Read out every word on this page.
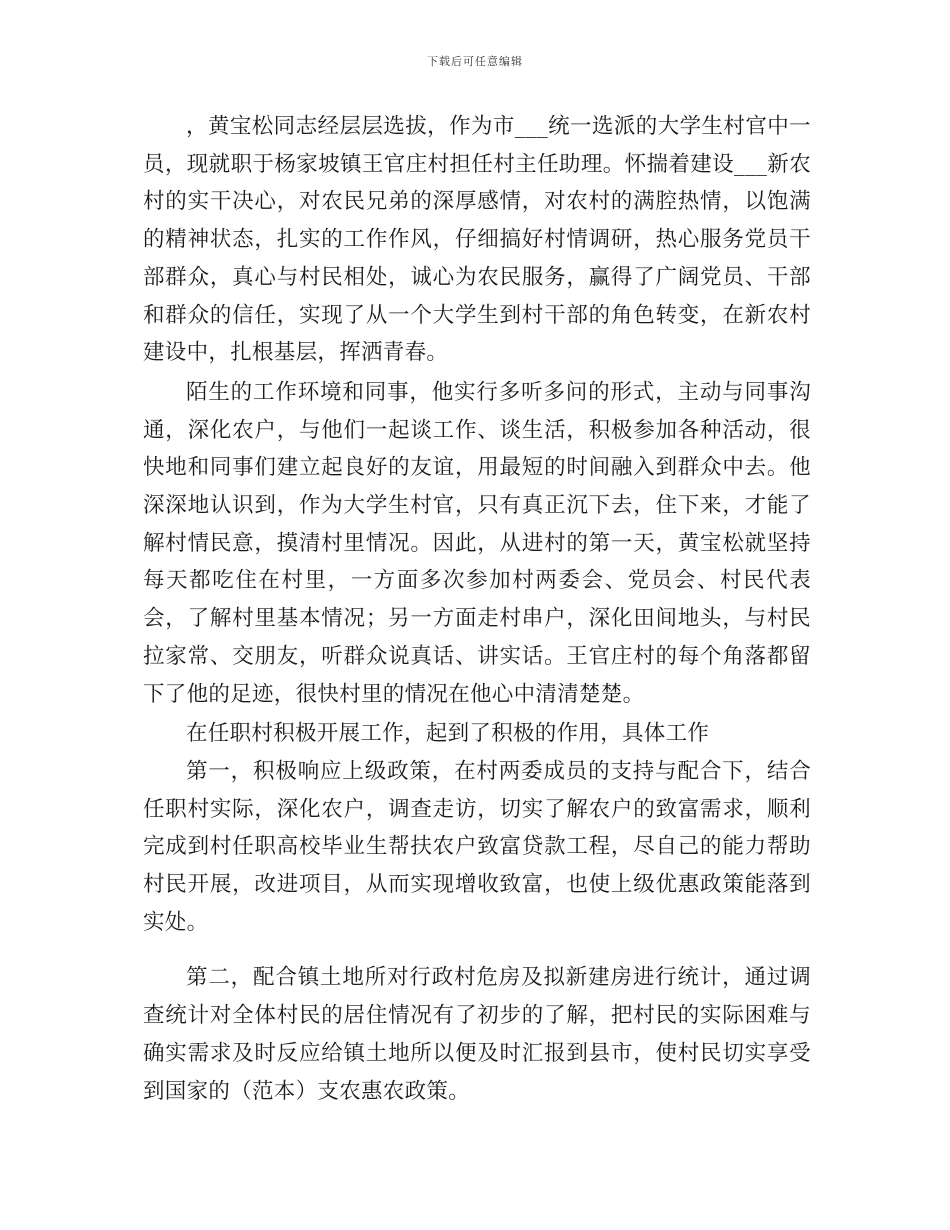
下载后可任意编辑

，黄宝松同志经层层选拔，作为市___统一选派的大学生村官中一员，现就职于杨家坡镇王官庄村担任村主任助理。怀揣着建设___新农村的实干决心，对农民兄弟的深厚感情，对农村的满腔热情，以饱满的精神状态，扎实的工作作风，仔细搞好村情调研，热心服务党员干部群众，真心与村民相处，诚心为农民服务，赢得了广阔党员、干部和群众的信任，实现了从一个大学生到村干部的角色转变，在新农村建设中，扎根基层，挥洒青春。

陌生的工作环境和同事，他实行多听多问的形式，主动与同事沟通，深化农户，与他们一起谈工作、谈生活，积极参加各种活动，很快地和同事们建立起良好的友谊，用最短的时间融入到群众中去。他深深地认识到，作为大学生村官，只有真正沉下去，住下来，才能了解村情民意，摸清村里情况。因此，从进村的第一天，黄宝松就坚持每天都吃住在村里，一方面多次参加村两委会、党员会、村民代表会，了解村里基本情况；另一方面走村串户，深化田间地头，与村民拉家常、交朋友，听群众说真话、讲实话。王官庄村的每个角落都留下了他的足迹，很快村里的情况在他心中清清楚楚。

在任职村积极开展工作，起到了积极的作用，具体工作

第一，积极响应上级政策，在村两委成员的支持与配合下，结合任职村实际，深化农户，调查走访，切实了解农户的致富需求，顺利完成到村任职高校毕业生帮扶农户致富贷款工程，尽自己的能力帮助村民开展，改进项目，从而实现增收致富，也使上级优惠政策能落到实处。

第二，配合镇土地所对行政村危房及拟新建房进行统计，通过调查统计对全体村民的居住情况有了初步的了解，把村民的实际困难与确实需求及时反应给镇土地所以便及时汇报到县市，使村民切实享受到国家的（范本）支农惠农政策。
